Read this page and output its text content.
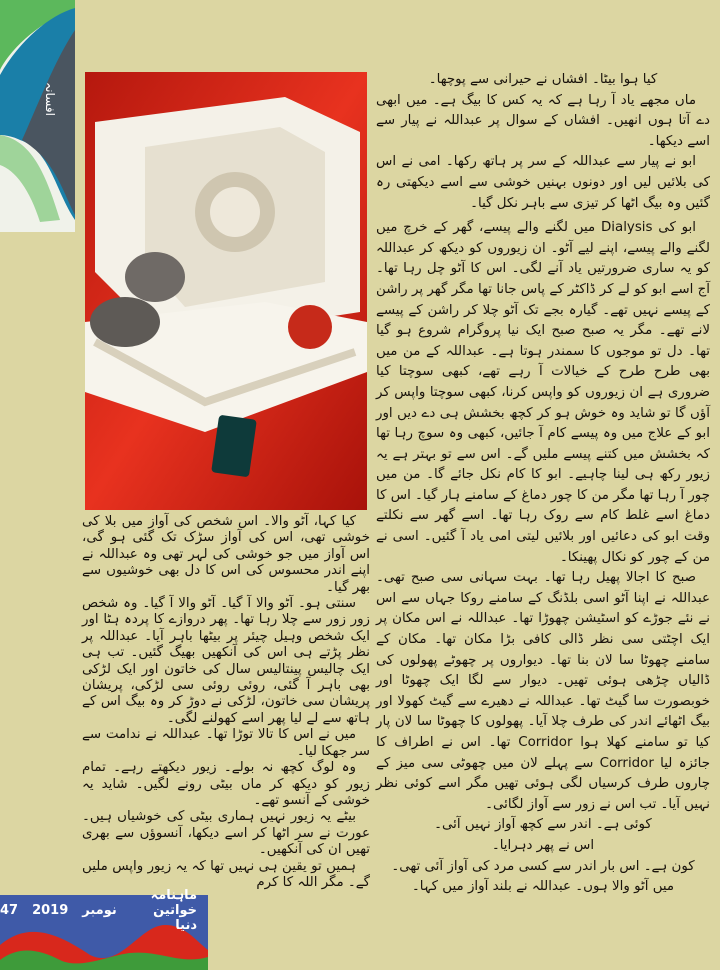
افسانہ

کیا ہوا بیٹا۔ افشاں نے حیرانی سے پوچھا۔

ماں مجھے یاد آ رہا ہے کہ یہ کس کا بیگ ہے۔ میں ابھی دے آتا ہوں انھیں۔ افشاں کے سوال پر عبداللہ نے پیار سے اسے دیکھا۔

ابو نے پیار سے عبداللہ کے سر پر ہاتھ رکھا۔ امی نے اس کی بلائیں لیں اور دونوں بہنیں خوشی سے اسے دیکھتی رہ گئیں وہ بیگ اٹھا کر تیزی سے باہر نکل گیا۔

ابو کی Dialysis میں لگنے والے پیسے، گھر کے خرچ میں لگنے والے پیسے، اپنے لیے آٹو۔ ان زیوروں کو دیکھ کر عبداللہ کو یہ ساری ضرورتیں یاد آنے لگی۔ اس کا آٹو چل رہا تھا۔ آج اسے ابو کو لے کر ڈاکٹر کے پاس جانا تھا مگر گھر پر راشن کے پیسے نہیں تھے۔ گیارہ بجے تک آٹو چلا کر راشن کے پیسے لانے تھے۔ مگر یہ صبح صبح ایک نیا پروگرام شروع ہو گیا تھا۔ دل تو موجوں کا سمندر ہوتا ہے۔ عبداللہ کے من میں بھی طرح طرح کے خیالات آ رہے تھے، کبھی سوچتا کیا ضروری ہے ان زیوروں کو واپس کرنا، کبھی سوچتا واپس کر آؤں گا تو شاید وہ خوش ہو کر کچھ بخشش ہی دے دیں اور ابو کے علاج میں وہ پیسے کام آ جائیں، کبھی وہ سوچ رہا تھا کہ بخشش میں کتنے پیسے ملیں گے۔ اس سے تو بہتر ہے یہ زیور رکھ ہی لینا چاہیے۔ ابو کا کام نکل جائے گا۔ من میں چور آ رہا تھا مگر من کا چور دماغ کے سامنے ہار گیا۔ اس کا دماغ اسے غلط کام سے روک رہا تھا۔ اسے گھر سے نکلتے وقت ابو کی دعائیں اور بلائیں لیتی امی یاد آ گئیں۔ اسی نے من کے چور کو نکال پھینکا۔

صبح کا اجالا پھیل رہا تھا۔ بہت سہانی سی صبح تھی۔ عبداللہ نے اپنا آٹو اسی بلڈنگ کے سامنے روکا جہاں سے اس نے نئے جوڑے کو اسٹیشن چھوڑا تھا۔ عبداللہ نے اس مکان پر ایک اچٹتی سی نظر ڈالی کافی بڑا مکان تھا۔ مکان کے سامنے چھوٹا سا لان بنا تھا۔ دیواروں پر چھوٹے پھولوں کی ڈالیاں چڑھی ہوئی تھیں۔ دیوار سے لگا ایک چھوٹا اور خوبصورت سا گیٹ تھا۔ عبداللہ نے دھیرے سے گیٹ کھولا اور بیگ اٹھائے اندر کی طرف چلا آیا۔ پھولوں کا چھوٹا سا لان پار کیا تو سامنے کھلا ہوا Corridor تھا۔ اس نے اطراف کا جائزہ لیا Corridor سے پہلے لان میں چھوٹی سی میز کے چاروں طرف کرسیاں لگی ہوئی تھیں مگر اسے کوئی نظر نہیں آیا۔ تب اس نے زور سے آواز لگائی۔

کوئی ہے۔ اندر سے کچھ آواز نہیں آئی۔

اس نے پھر دہرایا۔

کون ہے۔ اس بار اندر سے کسی مرد کی آواز آئی تھی۔

میں آٹو والا ہوں۔ عبداللہ نے بلند آواز میں کہا۔

کیا کہا، آٹو والا۔ اس شخص کی آواز میں بلا کی خوشی تھی، اس کی آواز سڑک تک گئی ہو گی، اس آواز میں جو خوشی کی لہر تھی وہ عبداللہ نے اپنے اندر محسوس کی اس کا دل بھی خوشیوں سے بھر گیا۔

سنتی ہو۔ آٹو والا آ گیا۔ آٹو والا آ گیا۔ وہ شخص زور زور سے چلا رہا تھا۔ پھر دروازے کا پردہ ہٹا اور ایک شخص وہیل چیئر پر بیٹھا باہر آیا۔ عبداللہ پر نظر پڑتے ہی اس کی آنکھیں بھیگ گئیں۔ تب ہی ایک چالیس پینتالیس سال کی خاتون اور ایک لڑکی بھی باہر آ گئی، روئی روئی سی لڑکی، پریشان پریشان سی خاتون، لڑکی نے دوڑ کر وہ بیگ اس کے ہاتھ سے لے لیا پھر اسے کھولنے لگی۔

میں نے اس کا تالا توڑا تھا۔ عبداللہ نے ندامت سے سر جھکا لیا۔

وہ لوگ کچھ نہ بولے۔ زیور دیکھتے رہے۔ تمام زیور کو دیکھ کر ماں بیٹی رونے لگیں۔ شاید یہ خوشی کے آنسو تھے۔

بیٹے یہ زیور نہیں ہماری بیٹی کی خوشیاں ہیں۔ عورت نے سر اٹھا کر اسے دیکھا، آنسوؤں سے بھری تھیں ان کی آنکھیں۔

ہمیں تو یقین ہی نہیں تھا کہ یہ زیور واپس ملیں گے۔ مگر اللہ کا کرم

ماہنامہ خواتین دنیا
نومبر
2019
47
